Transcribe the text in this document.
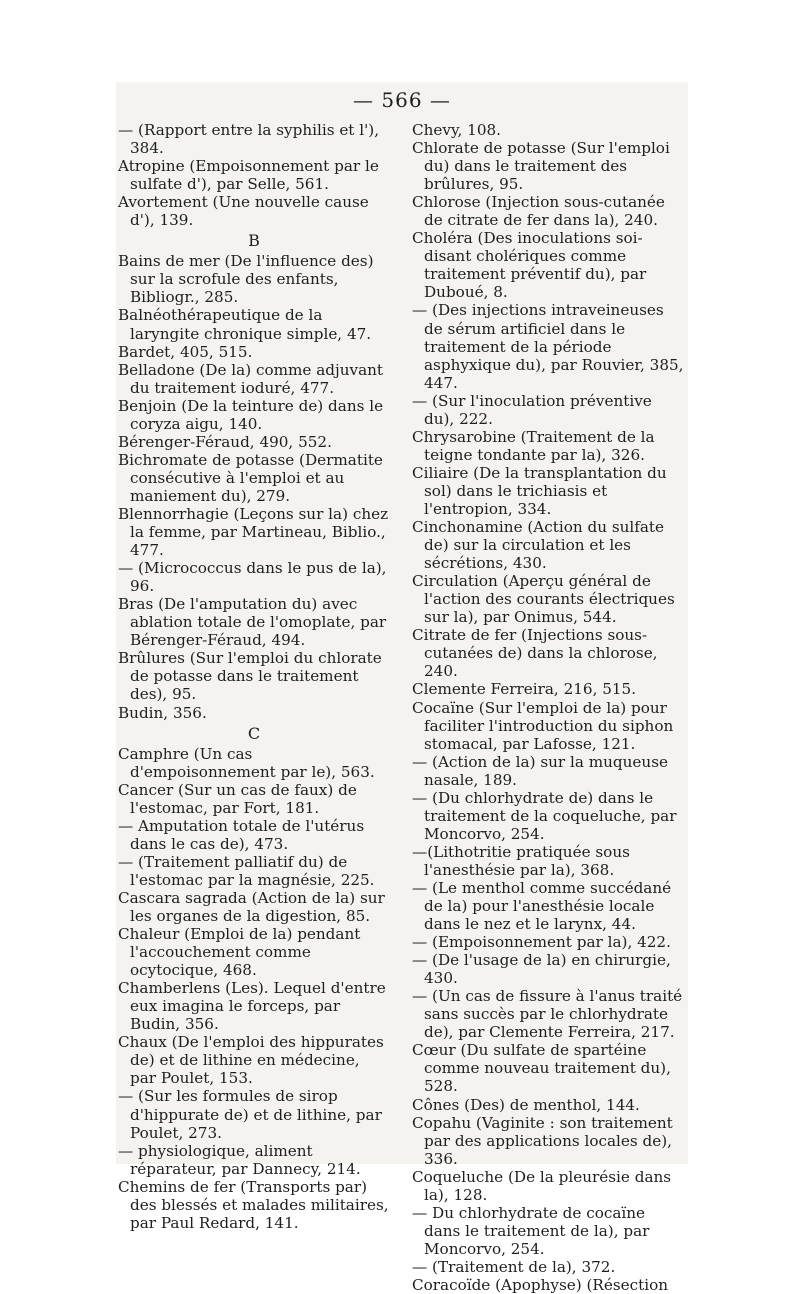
— 566 —

— (Rapport entre la syphilis et l'), 384.

Atropine (Empoisonnement par le sulfate d'), par Selle, 561.

Avortement (Une nouvelle cause d'), 139.

B

Bains de mer (De l'influence des) sur la scrofule des enfants, Bibliogr., 285.

Balnéothérapeutique de la laryngite chronique simple, 47.

Bardet, 405, 515.

Belladone (De la) comme adjuvant du traitement ioduré, 477.

Benjoin (De la teinture de) dans le coryza aigu, 140.

Bérenger-Féraud, 490, 552.

Bichromate de potasse (Dermatite consécutive à l'emploi et au maniement du), 279.

Blennorrhagie (Leçons sur la) chez la femme, par Martineau, Biblio., 477.

— (Micrococcus dans le pus de la), 96.

Bras (De l'amputation du) avec ablation totale de l'omoplate, par Bérenger-Féraud, 494.

Brûlures (Sur l'emploi du chlorate de potasse dans le traitement des), 95.

Budin, 356.

C

Camphre (Un cas d'empoisonnement par le), 563.

Cancer (Sur un cas de faux) de l'estomac, par Fort, 181.

— Amputation totale de l'utérus dans le cas de), 473.

— (Traitement palliatif du) de l'estomac par la magnésie, 225.

Cascara sagrada (Action de la) sur les organes de la digestion, 85.

Chaleur (Emploi de la) pendant l'accouchement comme ocytocique, 468.

Chamberlens (Les). Lequel d'entre eux imagina le forceps, par Budin, 356.

Chaux (De l'emploi des hippurates de) et de lithine en médecine, par Poulet, 153.

— (Sur les formules de sirop d'hippurate de) et de lithine, par Poulet, 273.

— physiologique, aliment réparateur, par Dannecy, 214.

Chemins de fer (Transports par) des blessés et malades militaires, par Paul Redard, 141.

Chevy, 108.

Chlorate de potasse (Sur l'emploi du) dans le traitement des brûlures, 95.

Chlorose (Injection sous-cutanée de citrate de fer dans la), 240.

Choléra (Des inoculations soi-disant cholériques comme traitement préventif du), par Duboué, 8.

— (Des injections intraveineuses de sérum artificiel dans le traitement de la période asphyxique du), par Rouvier, 385, 447.

— (Sur l'inoculation préventive du), 222.

Chrysarobine (Traitement de la teigne tondante par la), 326.

Ciliaire (De la transplantation du sol) dans le trichiasis et l'entropion, 334.

Cinchonamine (Action du sulfate de) sur la circulation et les sécrétions, 430.

Circulation (Aperçu général de l'action des courants électriques sur la), par Onimus, 544.

Citrate de fer (Injections sous-cutanées de) dans la chlorose, 240.

Clemente Ferreira, 216, 515.

Cocaïne (Sur l'emploi de la) pour faciliter l'introduction du siphon stomacal, par Lafosse, 121.

— (Action de la) sur la muqueuse nasale, 189.

— (Du chlorhydrate de) dans le traitement de la coqueluche, par Moncorvo, 254.

—(Lithotritie pratiquée sous l'anesthésie par la), 368.

— (Le menthol comme succédané de la) pour l'anesthésie locale dans le nez et le larynx, 44.

— (Empoisonnement par la), 422.

— (De l'usage de la) en chirurgie, 430.

— (Un cas de fissure à l'anus traité sans succès par le chlorhydrate de), par Clemente Ferreira, 217.

Cœur (Du sulfate de spartéine comme nouveau traitement du), 528.

Cônes (Des) de menthol, 144.

Copahu (Vaginite : son traitement par des applications locales de), 336.

Coqueluche (De la pleurésie dans la), 128.

— Du chlorhydrate de cocaïne dans le traitement de la), par Moncorvo, 254.

— (Traitement de la), 372.

Coracoïde (Apophyse) (Résection
